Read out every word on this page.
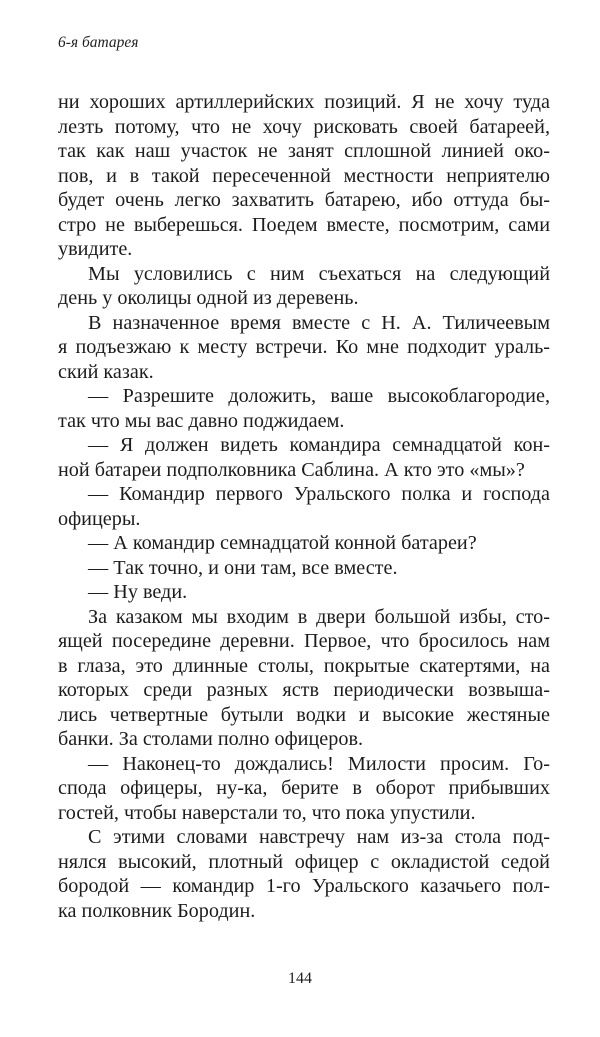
6-я батарея
ни хороших артиллерийских позиций. Я не хочу туда
лезть потому, что не хочу рисковать своей батареей,
так как наш участок не занят сплошной линией око-
пов, и в такой пересеченной местности неприятелю
будет очень легко захватить батарею, ибо оттуда бы-
стро не выберешься. Поедем вместе, посмотрим, сами
увидите.
Мы условились с ним съехаться на следующий
день у околицы одной из деревень.
В назначенное время вместе с Н. А. Тиличеевым
я подъезжаю к месту встречи. Ко мне подходит ураль-
ский казак.
— Разрешите доложить, ваше высокоблагородие,
так что мы вас давно поджидаем.
— Я должен видеть командира семнадцатой кон-
ной батареи подполковника Саблина. А кто это «мы»?
— Командир первого Уральского полка и господа
офицеры.
— А командир семнадцатой конной батареи?
— Так точно, и они там, все вместе.
— Ну веди.
За казаком мы входим в двери большой избы, сто-
ящей посередине деревни. Первое, что бросилось нам
в глаза, это длинные столы, покрытые скатертями, на
которых среди разных яств периодически возвыша-
лись четвертные бутыли водки и высокие жестяные
банки. За столами полно офицеров.
— Наконец-то дождались! Милости просим. Го-
спода офицеры, ну-ка, берите в оборот прибывших
гостей, чтобы наверстали то, что пока упустили.
С этими словами навстречу нам из-за стола под-
нялся высокий, плотный офицер с окладистой седой
бородой — командир 1-го Уральского казачьего пол-
ка полковник Бородин.
144
